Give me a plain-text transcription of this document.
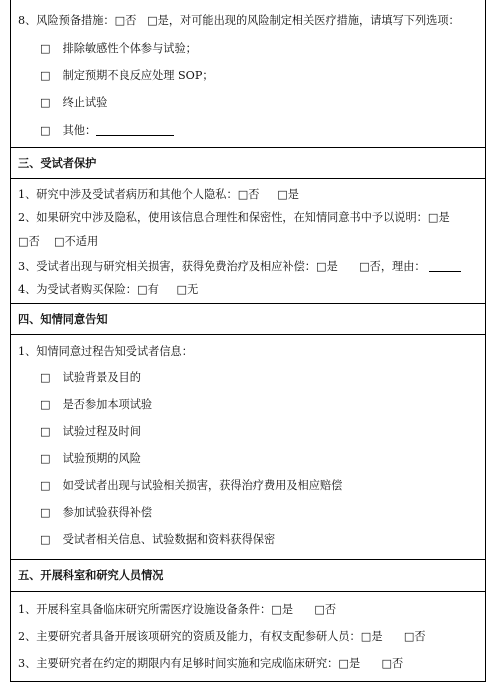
8、风险预备措施：□否 □是，对可能出现的风险制定相关医疗措施，请填写下列选项：
□ 排除敏感性个体参与试验；
□ 制定预期不良反应处理 SOP；
□ 终止试验
□ 其他：
三、受试者保护
1、研究中涉及受试者病历和其他个人隐私：□否 □是
2、如果研究中涉及隐私，使用该信息合理性和保密性，在知情同意书中予以说明：□是
□否 □不适用
3、受试者出现与研究相关损害，获得免费治疗及相应补偿：□是 □否，理由：
4、为受试者购买保险：□有 □无
四、知情同意告知
1、知情同意过程告知受试者信息：
□ 试验背景及目的
□ 是否参加本项试验
□ 试验过程及时间
□ 试验预期的风险
□ 如受试者出现与试验相关损害，获得治疗费用及相应赔偿
□ 参加试验获得补偿
□ 受试者相关信息、试验数据和资料获得保密
五、开展科室和研究人员情况
1、开展科室具备临床研究所需医疗设施设备条件：□是 □否
2、主要研究者具备开展该项研究的资质及能力，有权支配参研人员：□是 □否
3、主要研究者在约定的期限内有足够时间实施和完成临床研究：□是 □否
